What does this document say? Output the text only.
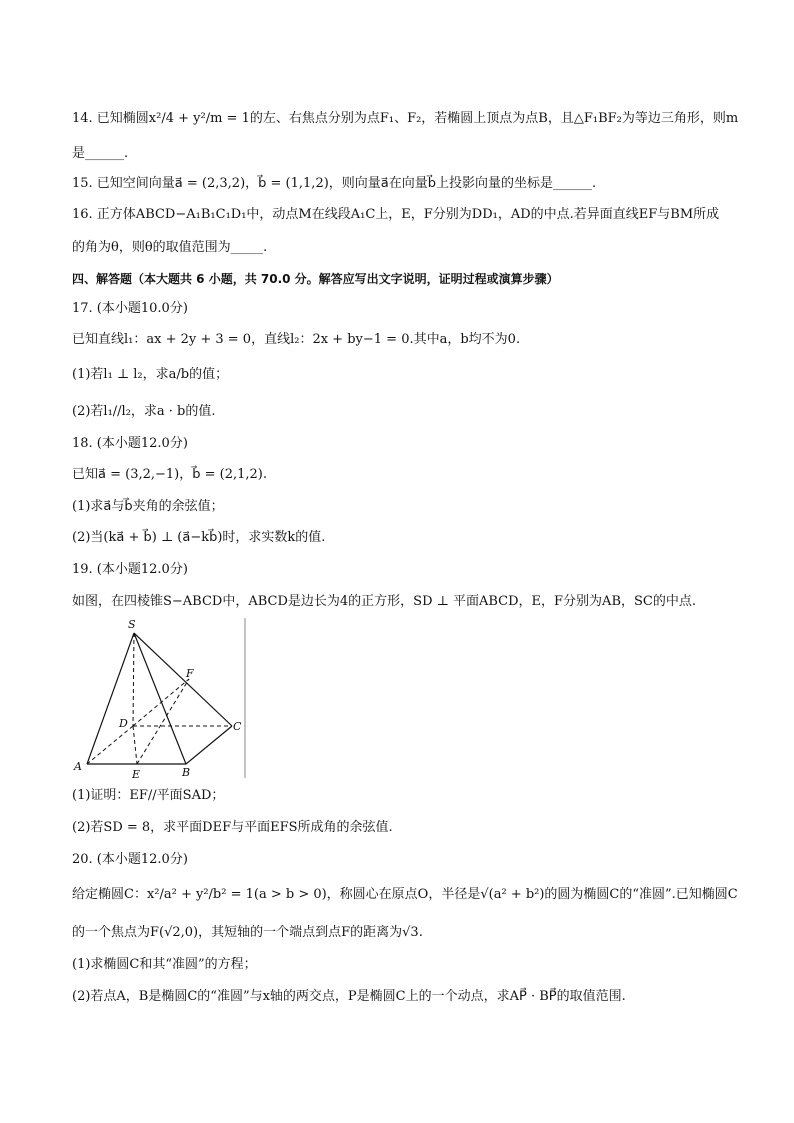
14. 已知椭圆x²/4 + y²/m = 1的左、右焦点分别为点F₁、F₂，若椭圆上顶点为点B，且△F₁BF₂为等边三角形，则m
是______.
15. 已知空间向量a⃗ = (2,3,2)，b⃗ = (1,1,2)，则向量a⃗在向量b⃗上投影向量的坐标是______.
16. 正方体ABCD−A₁B₁C₁D₁中，动点M在线段A₁C上，E，F分别为DD₁，AD的中点.若异面直线EF与BM所成
的角为θ，则θ的取值范围为_____.
四、解答题（本大题共 6 小题，共 70.0 分。解答应写出文字说明，证明过程或演算步骤）
17. (本小题10.0分)
已知直线l₁：ax + 2y + 3 = 0，直线l₂：2x + by−1 = 0.其中a，b均不为0.
(1)若l₁ ⊥ l₂，求a/b的值；
(2)若l₁//l₂，求a · b的值.
18. (本小题12.0分)
已知a⃗ = (3,2,−1)，b⃗ = (2,1,2).
(1)求a⃗与b⃗夹角的余弦值；
(2)当(ka⃗ + b⃗) ⊥ (a⃗−kb⃗)时，求实数k的值.
19. (本小题12.0分)
如图，在四棱锥S−ABCD中，ABCD是边长为4的正方形，SD ⊥ 平面ABCD，E，F分别为AB，SC的中点.
S
F
D	C
A
E	B
(1)证明：EF//平面SAD；
(2)若SD = 8，求平面DEF与平面EFS所成角的余弦值.
20. (本小题12.0分)
给定椭圆C：x²/a² + y²/b² = 1(a > b > 0)，称圆心在原点O，半径是√(a² + b²)的圆为椭圆C的“准圆”.已知椭圆C
的一个焦点为F(√2,0)，其短轴的一个端点到点F的距离为√3.
(1)求椭圆C和其“准圆”的方程；
(2)若点A，B是椭圆C的“准圆”与x轴的两交点，P是椭圆C上的一个动点，求AP⃗ · BP⃗的取值范围.
